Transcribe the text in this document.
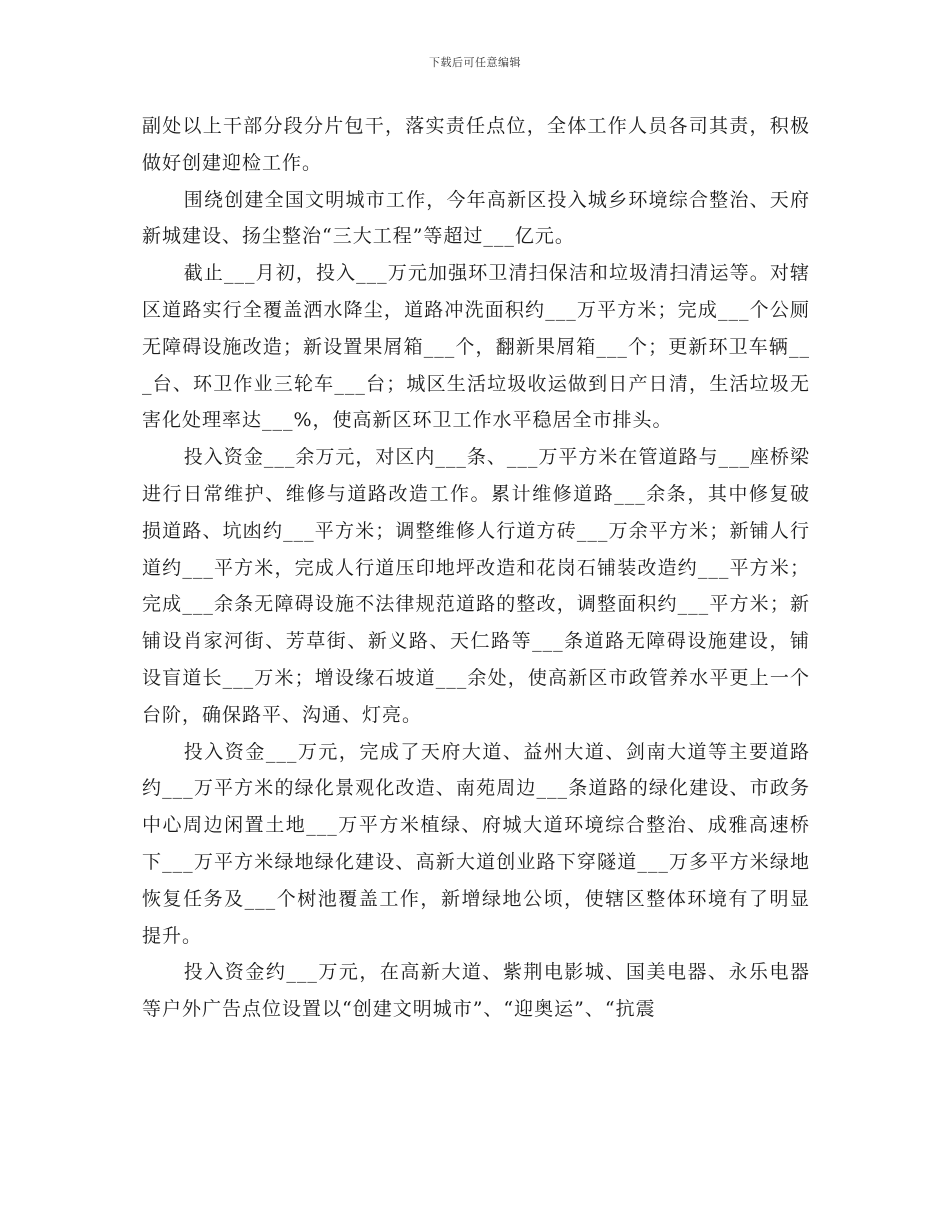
下载后可任意编辑

副处以上干部分段分片包干，落实责任点位，全体工作人员各司其责，积极做好创建迎检工作。

围绕创建全国文明城市工作，今年高新区投入城乡环境综合整治、天府新城建设、扬尘整治“三大工程”等超过___亿元。

截止___月初，投入___万元加强环卫清扫保洁和垃圾清扫清运等。对辖区道路实行全覆盖洒水降尘，道路冲洗面积约___万平方米；完成___个公厕无障碍设施改造；新设置果屑箱___个，翻新果屑箱___个；更新环卫车辆___台、环卫作业三轮车___台；城区生活垃圾收运做到日产日清，生活垃圾无害化处理率达___%，使高新区环卫工作水平稳居全市排头。

投入资金___余万元，对区内___条、___万平方米在管道路与___座桥梁进行日常维护、维修与道路改造工作。累计维修道路___余条，其中修复破损道路、坑凼约___平方米；调整维修人行道方砖___万余平方米；新铺人行道约___平方米，完成人行道压印地坪改造和花岗石铺装改造约___平方米；完成___余条无障碍设施不法律规范道路的整改，调整面积约___平方米；新铺设肖家河街、芳草街、新义路、天仁路等___条道路无障碍设施建设，铺设盲道长___万米；增设缘石坡道___余处，使高新区市政管养水平更上一个台阶，确保路平、沟通、灯亮。

投入资金___万元，完成了天府大道、益州大道、剑南大道等主要道路约___万平方米的绿化景观化改造、南苑周边___条道路的绿化建设、市政务中心周边闲置土地___万平方米植绿、府城大道环境综合整治、成雅高速桥下___万平方米绿地绿化建设、高新大道创业路下穿隧道___万多平方米绿地恢复任务及___个树池覆盖工作，新增绿地公顷，使辖区整体环境有了明显提升。

投入资金约___万元，在高新大道、紫荆电影城、国美电器、永乐电器等户外广告点位设置以“创建文明城市”、“迎奥运”、“抗震
